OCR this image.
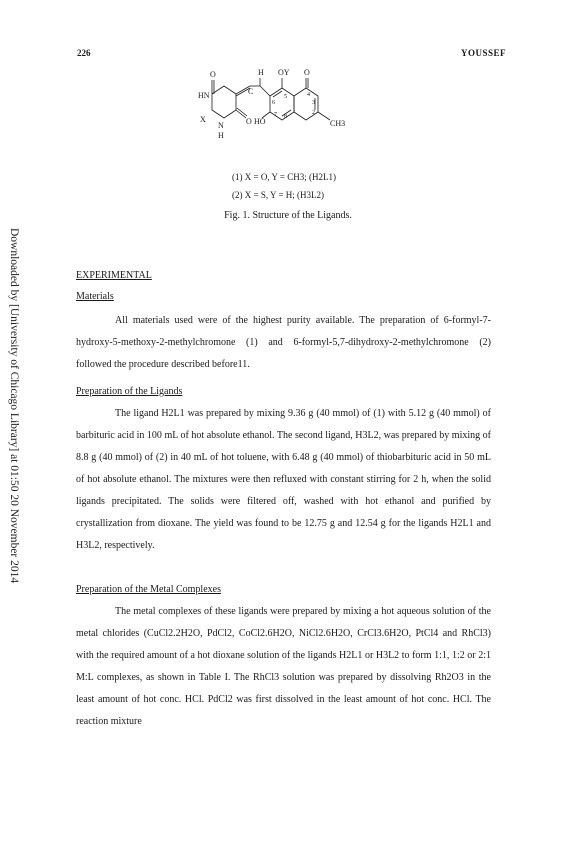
226	YOUSSEF
Downloaded by [University of Chicago Library] at 01:50 20 November 2014
O	H OY O
HN	C
5	4
3
6
2
X	O HO
7 8
CH3
N
H
(1) X = O, Y = CH3; (H2L1)
(2) X = S, Y = H; (H3L2)
Fig. 1. Structure of the Ligands.
EXPERIMENTAL
Materials

All materials used were of the highest purity available. The preparation of 6-formyl-7-hydroxy-5-methoxy-2-methylchromone (1) and 6-formyl-5,7-dihydroxy-2-methylchromone (2) followed the procedure described before11.

Preparation of the Ligands

The ligand H2L1 was prepared by mixing 9.36 g (40 mmol) of (1) with 5.12 g (40 mmol) of barbituric acid in 100 mL of hot absolute ethanol. The second ligand, H3L2, was prepared by mixing of 8.8 g (40 mmol) of (2) in 40 mL of hot toluene, with 6.48 g (40 mmol) of thiobarbituric acid in 50 mL of hot absolute ethanol. The mixtures were then refluxed with constant stirring for 2 h, when the solid ligands precipitated. The solids were filtered off, washed with hot ethanol and purified by crystallization from dioxane. The yield was found to be 12.75 g and 12.54 g for the ligands H2L1 and H3L2, respectively.

Preparation of the Metal Complexes

The metal complexes of these ligands were prepared by mixing a hot aqueous solution of the metal chlorides (CuCl2.2H2O, PdCl2, CoCl2.6H2O, NiCl2.6H2O, CrCl3.6H2O, PtCl4 and RhCl3) with the required amount of a hot dioxane solution of the ligands H2L1 or H3L2 to form 1:1, 1:2 or 2:1 M:L complexes, as shown in Table I. The RhCl3 solution was prepared by dissolving Rh2O3 in the least amount of hot conc. HCl. PdCl2 was first dissolved in the least amount of hot conc. HCl. The reaction mixture
